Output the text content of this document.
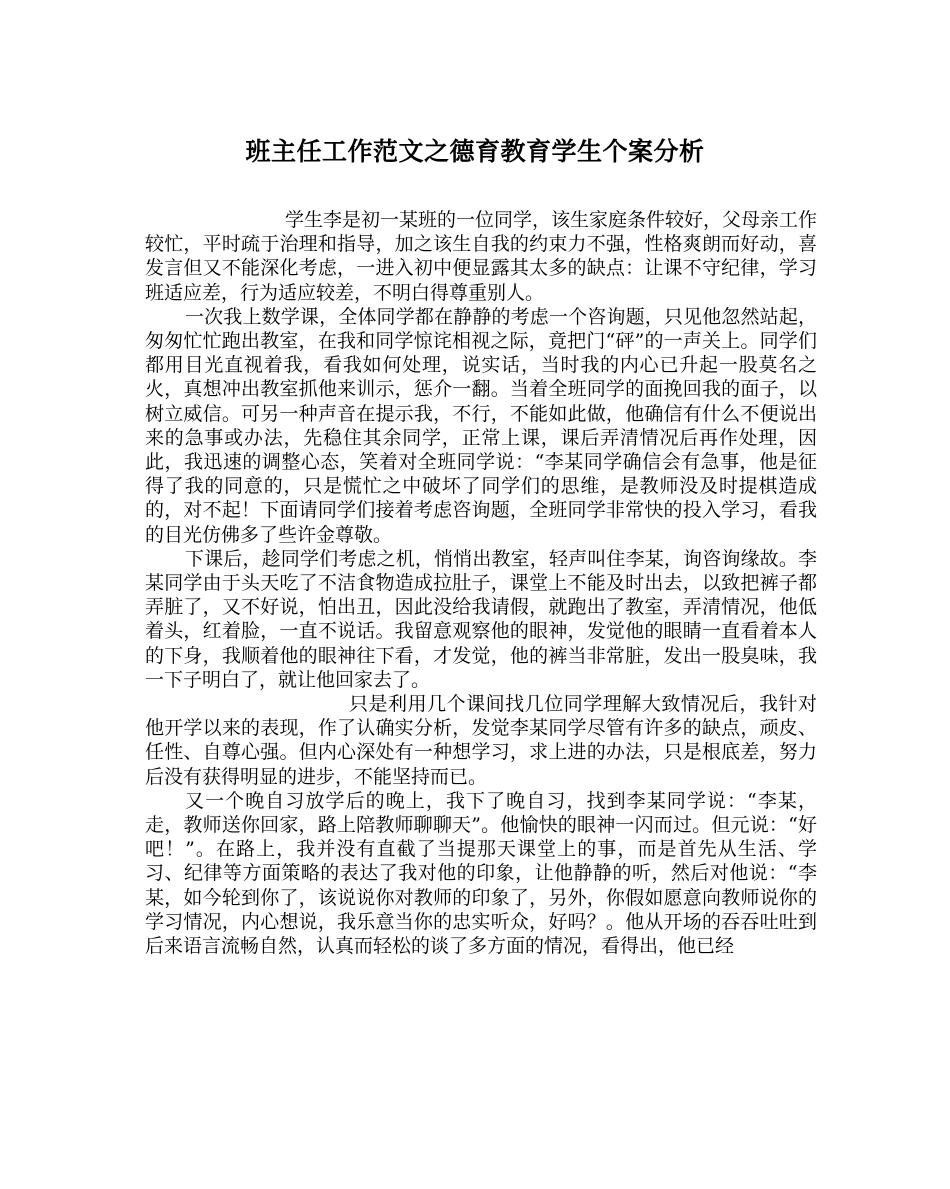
班主任工作范文之德育教育学生个案分析

学生李是初一某班的一位同学，该生家庭条件较好，父母亲工作较忙，平时疏于治理和指导，加之该生自我的约束力不强，性格爽朗而好动，喜发言但又不能深化考虑，一进入初中便显露其太多的缺点：让课不守纪律，学习班适应差，行为适应较差，不明白得尊重别人。

一次我上数学课，全体同学都在静静的考虑一个咨询题，只见他忽然站起，匆匆忙忙跑出教室，在我和同学惊诧相视之际，竟把门“砰”的一声关上。同学们都用目光直视着我，看我如何处理，说实话，当时我的内心已升起一股莫名之火，真想冲出教室抓他来训示，惩介一翻。当着全班同学的面挽回我的面子，以树立威信。可另一种声音在提示我，不行，不能如此做，他确信有什么不便说出来的急事或办法，先稳住其余同学，正常上课，课后弄清情况后再作处理，因此，我迅速的调整心态，笑着对全班同学说：“李某同学确信会有急事，他是征得了我的同意的，只是慌忙之中破坏了同学们的思维，是教师没及时提棋造成的，对不起！下面请同学们接着考虑咨询题，全班同学非常快的投入学习，看我的目光仿佛多了些许金尊敬。

下课后，趁同学们考虑之机，悄悄出教室，轻声叫住李某，询咨询缘故。李某同学由于头天吃了不洁食物造成拉肚子，课堂上不能及时出去，以致把裤子都弄脏了，又不好说，怕出丑，因此没给我请假，就跑出了教室，弄清情况，他低着头，红着脸，一直不说话。我留意观察他的眼神，发觉他的眼睛一直看着本人的下身，我顺着他的眼神往下看，才发觉，他的裤当非常脏，发出一股臭味，我一下子明白了，就让他回家去了。

只是利用几个课间找几位同学理解大致情况后，我针对他开学以来的表现，作了认确实分析，发觉李某同学尽管有许多的缺点，顽皮、任性、自尊心强。但内心深处有一种想学习，求上进的办法，只是根底差，努力后没有获得明显的进步，不能坚持而已。

又一个晚自习放学后的晚上，我下了晚自习，找到李某同学说：“李某，走，教师送你回家，路上陪教师聊聊天”。他愉快的眼神一闪而过。但元说：“好吧！”。在路上，我并没有直截了当提那天课堂上的事，而是首先从生活、学习、纪律等方面策略的表达了我对他的印象，让他静静的听，然后对他说：“李某，如今轮到你了，该说说你对教师的印象了，另外，你假如愿意向教师说你的学习情况，内心想说，我乐意当你的忠实听众，好吗？。他从开场的吞吞吐吐到后来语言流畅自然，认真而轻松的谈了多方面的情况，看得出，他已经
